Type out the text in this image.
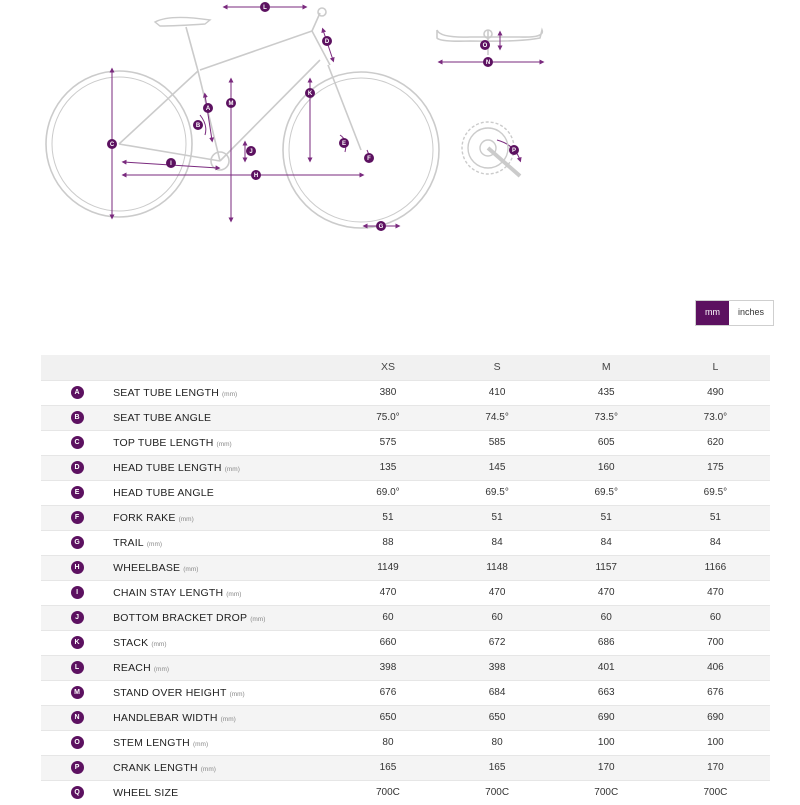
L
D
M
A
B
K
C	E
J
F
I
H
G
O
N
P
mm	inches
		XS	S	M	L
A	SEAT TUBE LENGTH (mm)	380	410	435	490
B	SEAT TUBE ANGLE	75.0°	74.5°	73.5°	73.0°
C	TOP TUBE LENGTH (mm)	575	585	605	620
D	HEAD TUBE LENGTH (mm)	135	145	160	175
E	HEAD TUBE ANGLE	69.0°	69.5°	69.5°	69.5°
F	FORK RAKE (mm)	51	51	51	51
G	TRAIL (mm)	88	84	84	84
H	WHEELBASE (mm)	1149	1148	1157	1166
I	CHAIN STAY LENGTH (mm)	470	470	470	470
J	BOTTOM BRACKET DROP (mm)	60	60	60	60
K	STACK (mm)	660	672	686	700
L	REACH (mm)	398	398	401	406
M	STAND OVER HEIGHT (mm)	676	684	663	676
N	HANDLEBAR WIDTH (mm)	650	650	690	690
O	STEM LENGTH (mm)	80	80	100	100
P	CRANK LENGTH (mm)	165	165	170	170
Q	WHEEL SIZE	700C	700C	700C	700C
